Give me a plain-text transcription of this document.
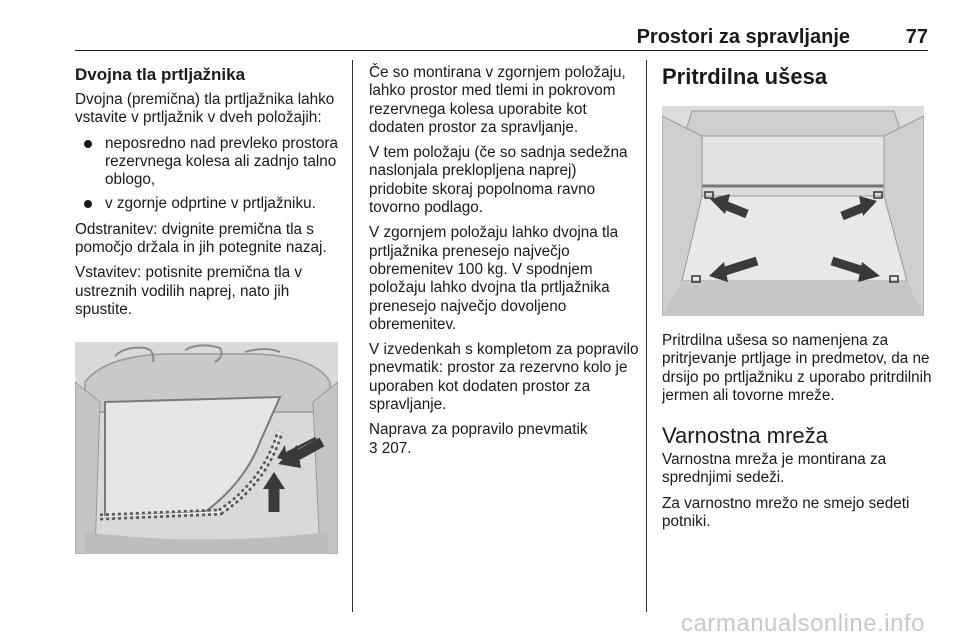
Prostori za spravljanje	77
Dvojna tla prtljažnika

Dvojna (premična) tla prtljažnika lahko vstavite v prtljažnik v dveh položajih:

neposredno nad prevleko prostora rezervnega kolesa ali zadnjo talno oblogo,
v zgornje odprtine v prtljažniku.

Odstranitev: dvignite premična tla s pomočjo držala in jih potegnite nazaj.

Vstavitev: potisnite premična tla v ustreznih vodilih naprej, nato jih spustite.

Če so montirana v zgornjem položaju, lahko prostor med tlemi in pokrovom rezervnega kolesa uporabite kot dodaten prostor za spravljanje.

V tem položaju (če so sadnja sedežna naslonjala preklopljena naprej) pridobite skoraj popolnoma ravno tovorno podlago.

V zgornjem položaju lahko dvojna tla prtljažnika prenesejo največjo obremenitev 100 kg. V spodnjem položaju lahko dvojna tla prtljažnika prenesejo največjo dovoljeno obremenitev.

V izvedenkah s kompletom za popravilo pnevmatik: prostor za rezervno kolo je uporaben kot dodaten prostor za spravljanje.

Naprava za popravilo pnevmatik
3 207.

Pritrdilna ušesa

Pritrdilna ušesa so namenjena za pritrjevanje prtljage in predmetov, da ne drsijo po prtljažniku z uporabo pritrdilnih jermen ali tovorne mreže.

Varnostna mreža

Varnostna mreža je montirana za sprednjimi sedeži.

Za varnostno mrežo ne smejo sedeti potniki.

carmanualsonline.info
